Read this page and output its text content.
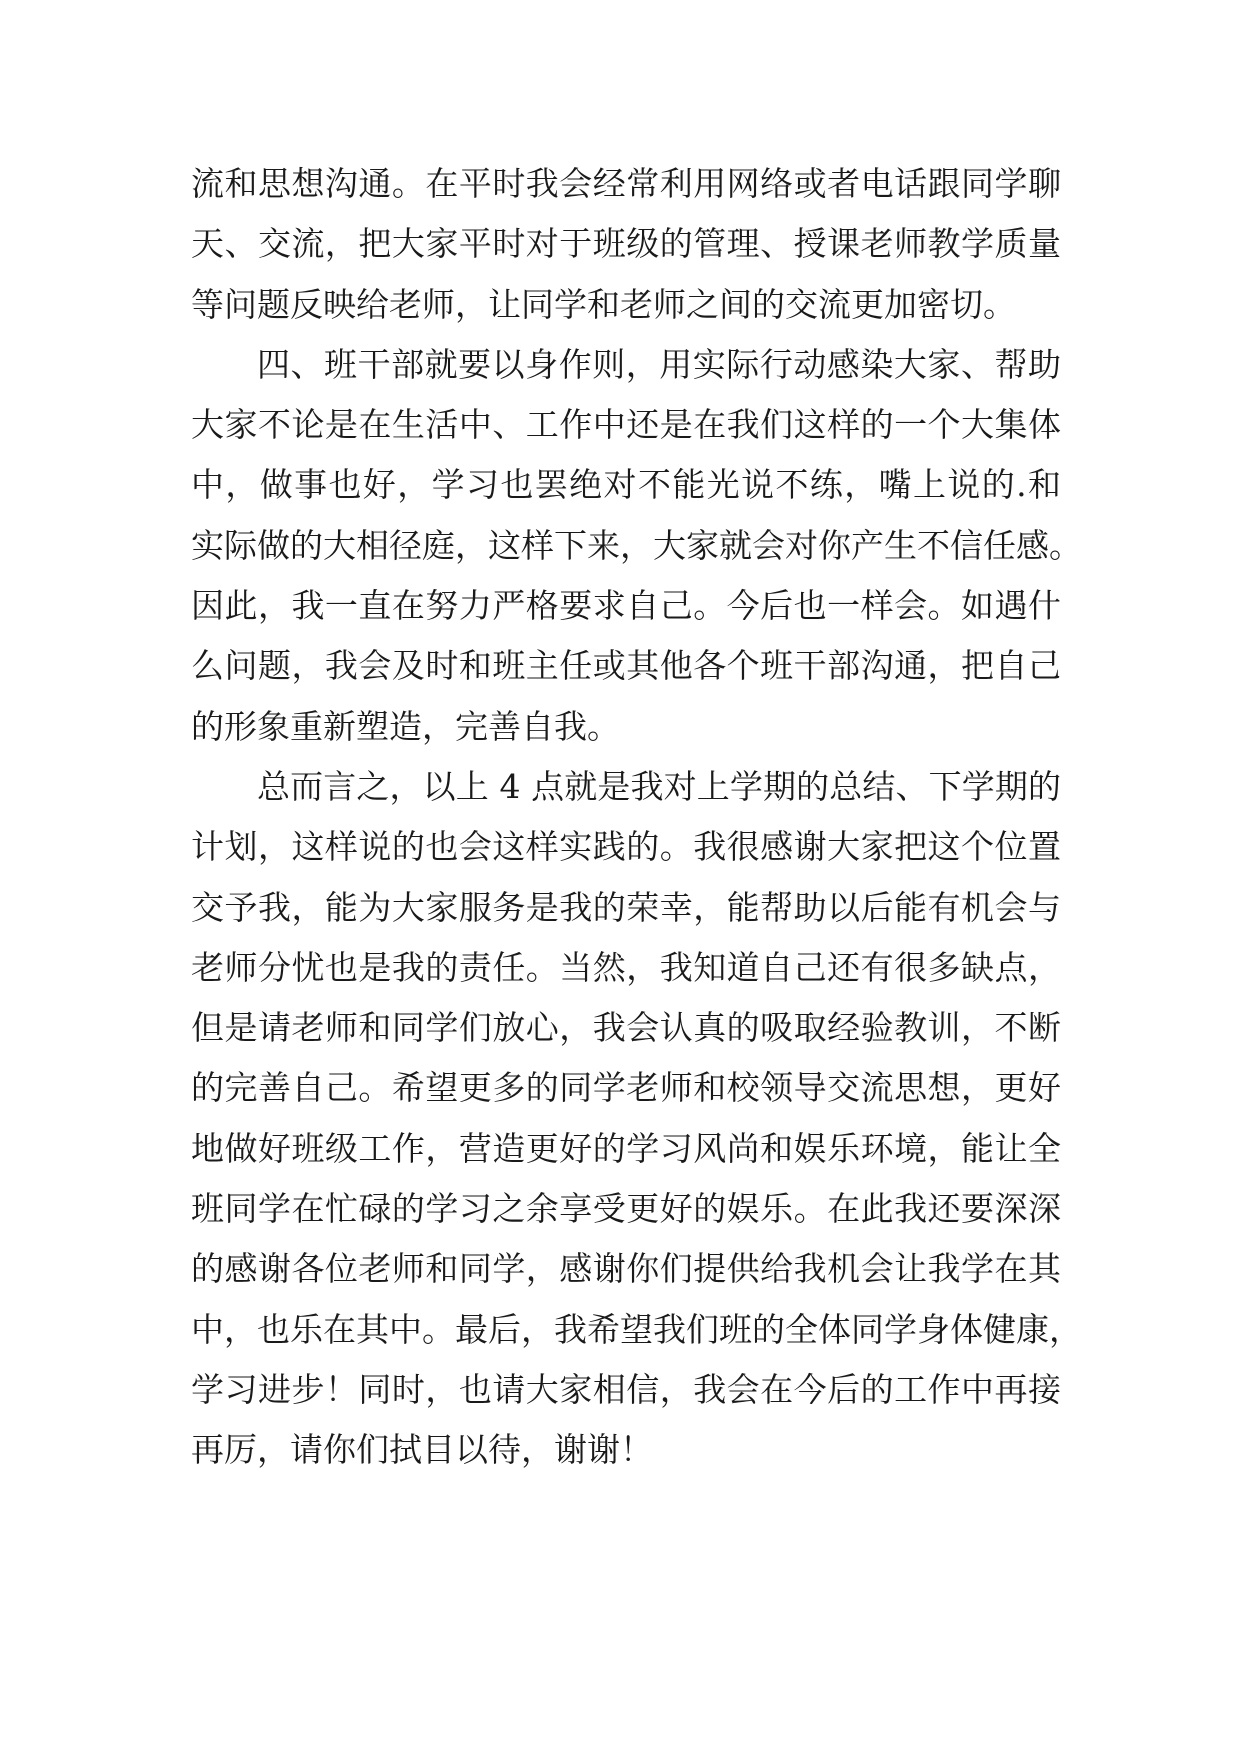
流和思想沟通。在平时我会经常利用网络或者电话跟同学聊
天、交流，把大家平时对于班级的管理、授课老师教学质量
等问题反映给老师，让同学和老师之间的交流更加密切。
四、班干部就要以身作则，用实际行动感染大家、帮助
大家不论是在生活中、工作中还是在我们这样的一个大集体
中，做事也好，学习也罢绝对不能光说不练，嘴上说的.和
实际做的大相径庭，这样下来，大家就会对你产生不信任感。
因此，我一直在努力严格要求自己。今后也一样会。如遇什
么问题，我会及时和班主任或其他各个班干部沟通，把自己
的形象重新塑造，完善自我。
总而言之，以上 4 点就是我对上学期的总结、下学期的
计划，这样说的也会这样实践的。我很感谢大家把这个位置
交予我，能为大家服务是我的荣幸，能帮助以后能有机会与
老师分忧也是我的责任。当然，我知道自己还有很多缺点，
但是请老师和同学们放心，我会认真的吸取经验教训，不断
的完善自己。希望更多的同学老师和校领导交流思想，更好
地做好班级工作，营造更好的学习风尚和娱乐环境，能让全
班同学在忙碌的学习之余享受更好的娱乐。在此我还要深深
的感谢各位老师和同学，感谢你们提供给我机会让我学在其
中，也乐在其中。最后，我希望我们班的全体同学身体健康，
学习进步！同时，也请大家相信，我会在今后的工作中再接
再厉，请你们拭目以待，谢谢！
